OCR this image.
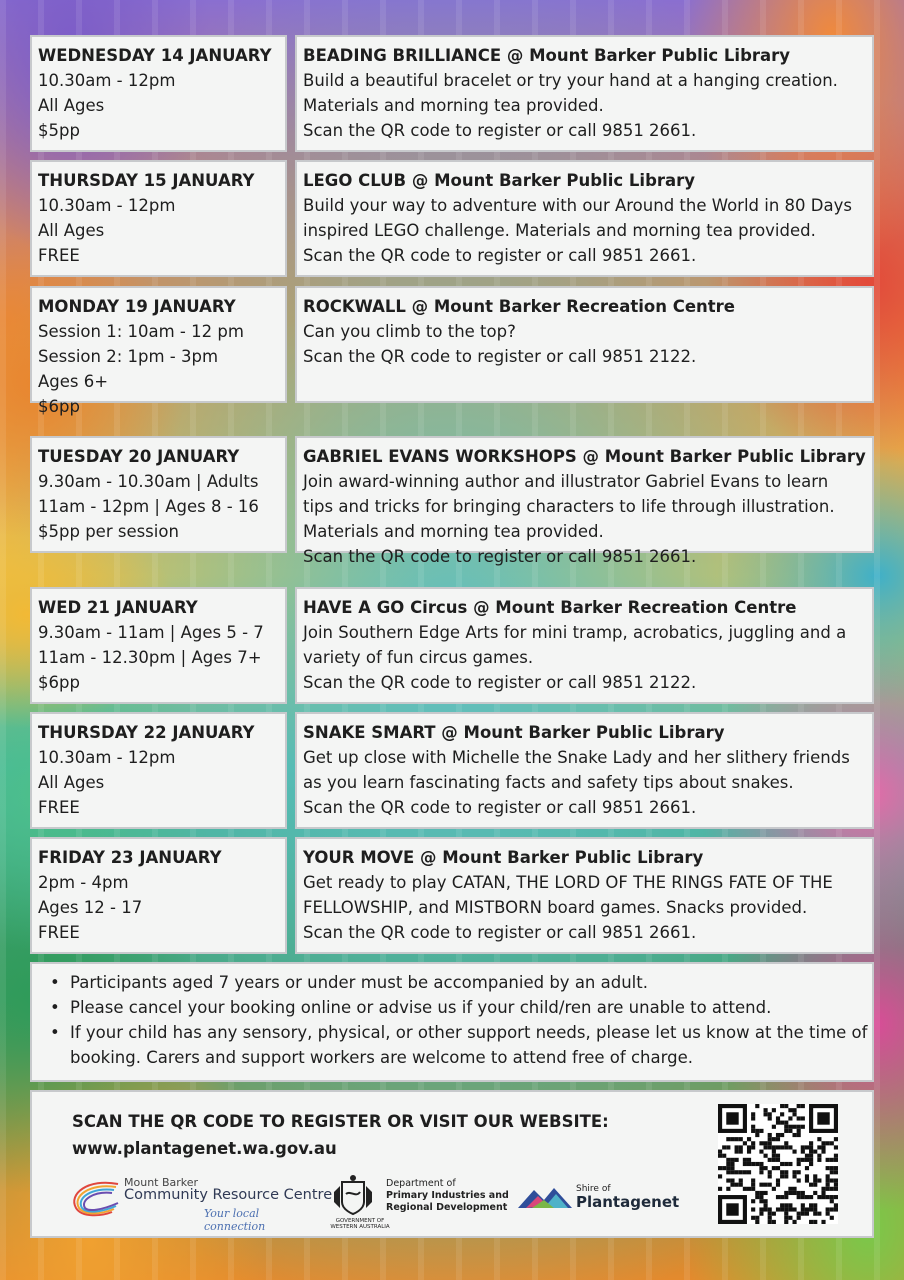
WEDNESDAY 14 JANUARY
10.30am - 12pm
All Ages
$5pp
BEADING BRILLIANCE @ Mount Barker Public Library
Build a beautiful bracelet or try your hand at a hanging creation.
Materials and morning tea provided.
Scan the QR code to register or call 9851 2661.
THURSDAY 15 JANUARY
10.30am - 12pm
All Ages
FREE
LEGO CLUB @ Mount Barker Public Library
Build your way to adventure with our Around the World in 80 Days
inspired LEGO challenge. Materials and morning tea provided.
Scan the QR code to register or call 9851 2661.
MONDAY 19 JANUARY
Session 1: 10am - 12 pm
Session 2: 1pm - 3pm
Ages 6+
$6pp
ROCKWALL @ Mount Barker Recreation Centre
Can you climb to the top?
Scan the QR code to register or call 9851 2122.
TUESDAY 20 JANUARY
9.30am - 10.30am | Adults
11am - 12pm | Ages 8 - 16
$5pp per session
GABRIEL EVANS WORKSHOPS @ Mount Barker Public Library
Join award-winning author and illustrator Gabriel Evans to learn
tips and tricks for bringing characters to life through illustration.
Materials and morning tea provided.
Scan the QR code to register or call 9851 2661.
WED 21 JANUARY
9.30am - 11am | Ages 5 - 7
11am - 12.30pm | Ages 7+
$6pp
HAVE A GO Circus @ Mount Barker Recreation Centre
Join Southern Edge Arts for mini tramp, acrobatics, juggling and a
variety of fun circus games.
Scan the QR code to register or call 9851 2122.
THURSDAY 22 JANUARY
10.30am - 12pm
All Ages
FREE
SNAKE SMART @ Mount Barker Public Library
Get up close with Michelle the Snake Lady and her slithery friends
as you learn fascinating facts and safety tips about snakes.
Scan the QR code to register or call 9851 2661.
FRIDAY 23 JANUARY
2pm - 4pm
Ages 12 - 17
FREE
YOUR MOVE @ Mount Barker Public Library
Get ready to play CATAN, THE LORD OF THE RINGS FATE OF THE
FELLOWSHIP, and MISTBORN board games. Snacks provided.
Scan the QR code to register or call 9851 2661.
• Participants aged 7 years or under must be accompanied by an adult.
• Please cancel your booking online or advise us if your child/ren are unable to attend.
• If your child has any sensory, physical, or other support needs, please let us know at the time of
booking. Carers and support workers are welcome to attend free of charge.
SCAN THE QR CODE TO REGISTER OR VISIT OUR WEBSITE:
www.plantagenet.wa.gov.au
Mount Barker
Community Resource Centre
Your local connection	GOVERNMENT OF WESTERN AUSTRALIA
Department of
Primary Industries and
Regional Development
Shire of
Plantagenet
